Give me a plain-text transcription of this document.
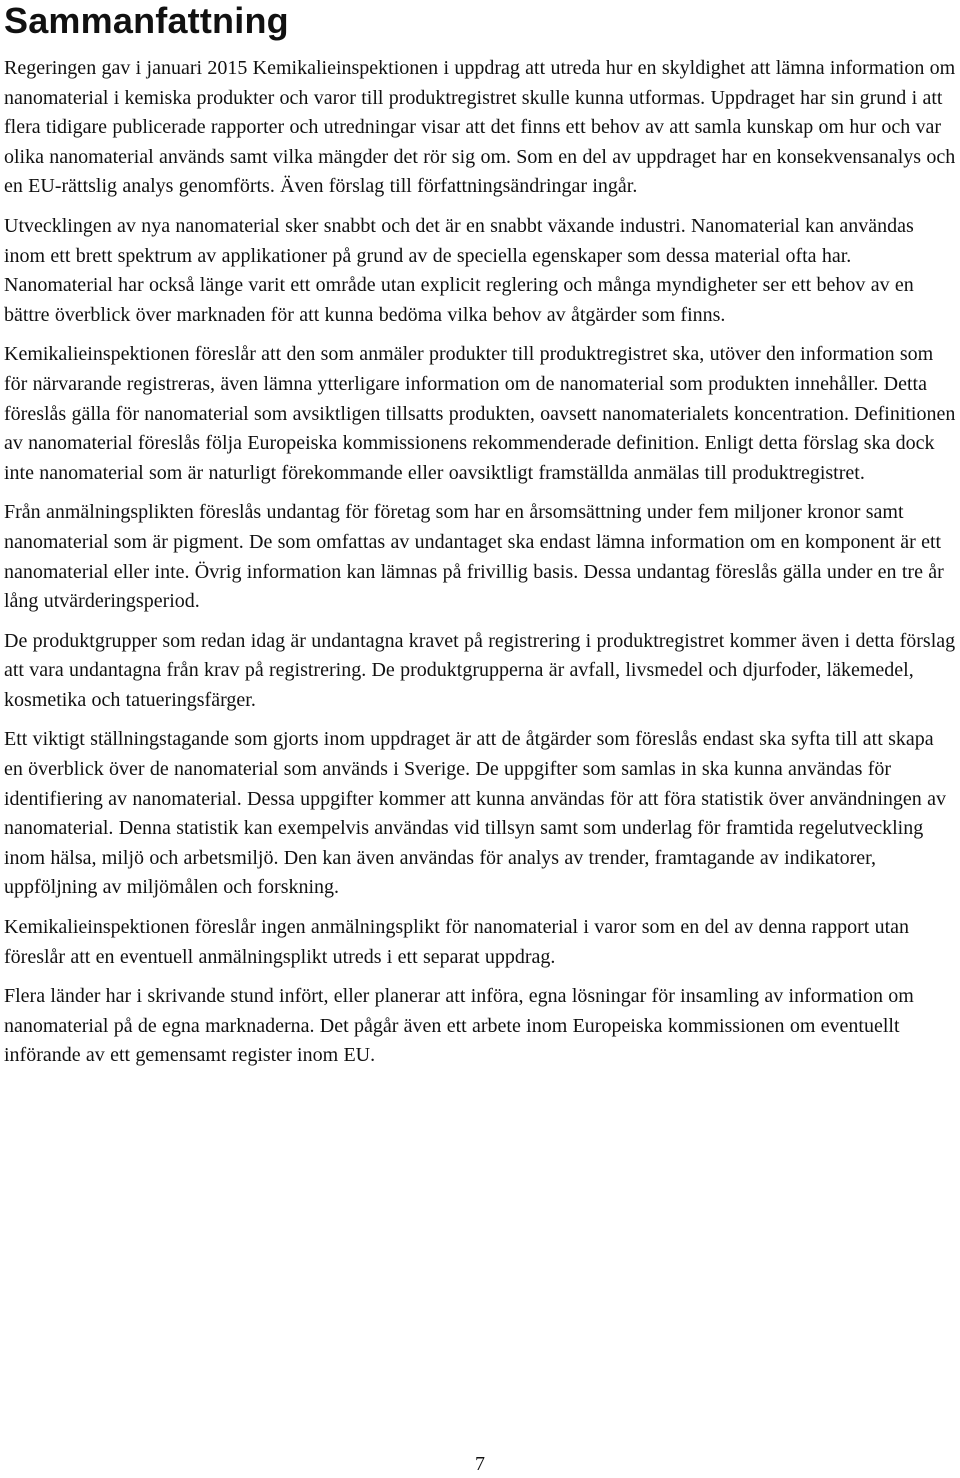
Sammanfattning

Regeringen gav i januari 2015 Kemikalieinspektionen i uppdrag att utreda hur en skyldighet att lämna information om nanomaterial i kemiska produkter och varor till produktregistret skulle kunna utformas. Uppdraget har sin grund i att flera tidigare publicerade rapporter och utredningar visar att det finns ett behov av att samla kunskap om hur och var olika nanomaterial används samt vilka mängder det rör sig om. Som en del av uppdraget har en konsekvensanalys och en EU-rättslig analys genomförts. Även förslag till författningsändringar ingår.

Utvecklingen av nya nanomaterial sker snabbt och det är en snabbt växande industri. Nanomaterial kan användas inom ett brett spektrum av applikationer på grund av de speciella egenskaper som dessa material ofta har. Nanomaterial har också länge varit ett område utan explicit reglering och många myndigheter ser ett behov av en bättre överblick över marknaden för att kunna bedöma vilka behov av åtgärder som finns.

Kemikalieinspektionen föreslår att den som anmäler produkter till produktregistret ska, utöver den information som för närvarande registreras, även lämna ytterligare information om de nanomaterial som produkten innehåller. Detta föreslås gälla för nanomaterial som avsiktligen tillsatts produkten, oavsett nanomaterialets koncentration. Definitionen av nanomaterial föreslås följa Europeiska kommissionens rekommenderade definition. Enligt detta förslag ska dock inte nanomaterial som är naturligt förekommande eller oavsiktligt framställda anmälas till produktregistret.

Från anmälningsplikten föreslås undantag för företag som har en årsomsättning under fem miljoner kronor samt nanomaterial som är pigment. De som omfattas av undantaget ska endast lämna information om en komponent är ett nanomaterial eller inte. Övrig information kan lämnas på frivillig basis. Dessa undantag föreslås gälla under en tre år lång utvärderingsperiod.

De produktgrupper som redan idag är undantagna kravet på registrering i produktregistret kommer även i detta förslag att vara undantagna från krav på registrering. De produktgrupperna är avfall, livsmedel och djurfoder, läkemedel, kosmetika och tatueringsfärger.

Ett viktigt ställningstagande som gjorts inom uppdraget är att de åtgärder som föreslås endast ska syfta till att skapa en överblick över de nanomaterial som används i Sverige. De uppgifter som samlas in ska kunna användas för identifiering av nanomaterial. Dessa uppgifter kommer att kunna användas för att föra statistik över användningen av nanomaterial. Denna statistik kan exempelvis användas vid tillsyn samt som underlag för framtida regelutveckling inom hälsa, miljö och arbetsmiljö. Den kan även användas för analys av trender, framtagande av indikatorer, uppföljning av miljömålen och forskning.

Kemikalieinspektionen föreslår ingen anmälningsplikt för nanomaterial i varor som en del av denna rapport utan föreslår att en eventuell anmälningsplikt utreds i ett separat uppdrag.

Flera länder har i skrivande stund infört, eller planerar att införa, egna lösningar för insamling av information om nanomaterial på de egna marknaderna. Det pågår även ett arbete inom Europeiska kommissionen om eventuellt införande av ett gemensamt register inom EU.

7
